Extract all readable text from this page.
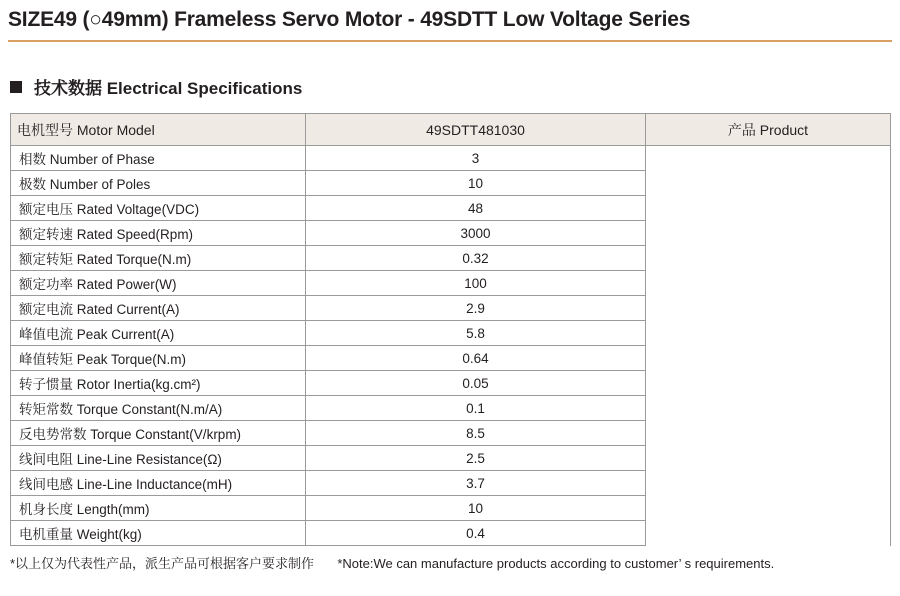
SIZE49 (○49mm) Frameless Servo Motor - 49SDTT Low Voltage Series
技术数据 Electrical Specifications
电机型号 Motor Model	49SDTT481030	产品 Product
相数 Number of Phase	3	

极数 Number of Poles	10	
额定电压 Rated Voltage(VDC)	48	
额定转速 Rated Speed(Rpm)	3000	
额定转矩 Rated Torque(N.m)	0.32	
额定功率 Rated Power(W)	100	
额定电流 Rated Current(A)	2.9	
峰值电流 Peak Current(A)	5.8	
峰值转矩 Peak Torque(N.m)	0.64	
转子惯量 Rotor Inertia(kg.cm²)	0.05	
转矩常数 Torque Constant(N.m/A)	0.1	
反电势常数 Torque Constant(V/krpm)	8.5	
线间电阻 Line-Line Resistance(Ω)	2.5	
线间电感 Line-Line Inductance(mH)	3.7	
机身长度 Length(mm)	10	
电机重量 Weight(kg)	0.4	
*以上仅为代表性产品，派生产品可根据客户要求制作 *Note:We can manufacture products according to customer’ s requirements.
